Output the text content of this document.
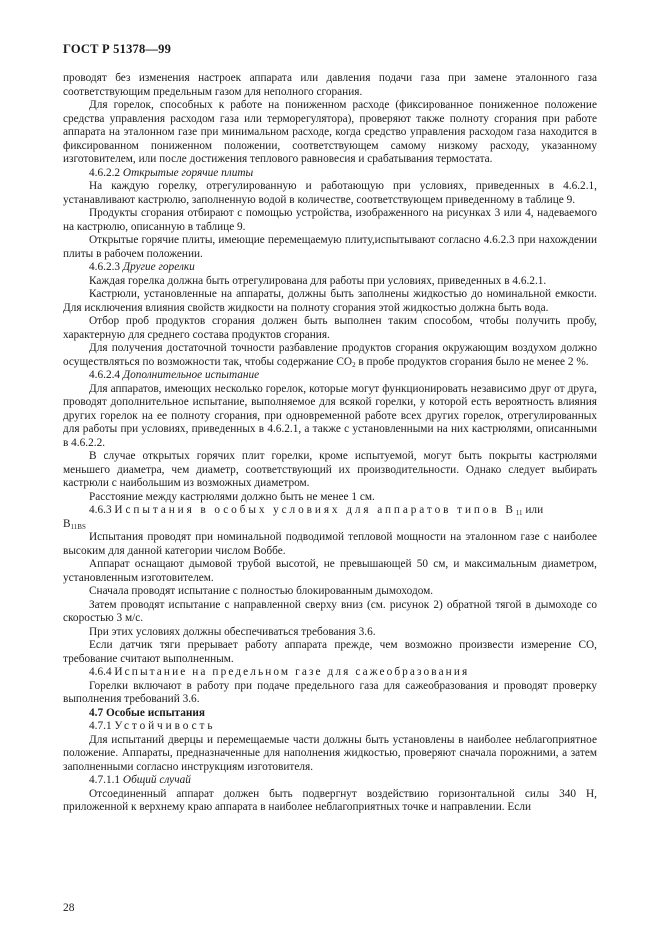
ГОСТ Р 51378—99

проводят без изменения настроек аппарата или давления подачи газа при замене эталонного газа соответствующим предельным газом для неполного сгорания.

Для горелок, способных к работе на пониженном расходе (фиксированное пониженное положение средства управления расходом газа или терморегулятора), проверяют также полноту сгорания при работе аппарата на эталонном газе при минимальном расходе, когда средство управления расходом газа находится в фиксированном пониженном положении, соответствующем самому низкому расходу, указанному изготовителем, или после достижения теплового равновесия и срабатывания термостата.

4.6.2.2 Открытые горячие плиты

На каждую горелку, отрегулированную и работающую при условиях, приведенных в 4.6.2.1, устанавливают кастрюлю, заполненную водой в количестве, соответствующем приведенному в таблице 9.

Продукты сгорания отбирают с помощью устройства, изображенного на рисунках 3 или 4, надеваемого на кастрюлю, описанную в таблице 9.

Открытые горячие плиты, имеющие перемещаемую плиту,испытывают согласно 4.6.2.3 при нахождении плиты в рабочем положении.

4.6.2.3 Другие горелки

Каждая горелка должна быть отрегулирована для работы при условиях, приведенных в 4.6.2.1.

Кастрюли, установленные на аппараты, должны быть заполнены жидкостью до номинальной емкости. Для исключения влияния свойств жидкости на полноту сгорания этой жидкостью должна быть вода.

Отбор проб продуктов сгорания должен быть выполнен таким способом, чтобы получить пробу, характерную для среднего состава продуктов сгорания.

Для получения достаточной точности разбавление продуктов сгорания окружающим воздухом должно осуществляться по возможности так, чтобы содержание $CO_2$ в пробе продуктов сгорания было не менее 2 %.

4.6.2.4 Дополнительное испытание

Для аппаратов, имеющих несколько горелок, которые могут функционировать независимо друг от друга, проводят дополнительное испытание, выполняемое для всякой горелки, у которой есть вероятность влияния других горелок на ее полноту сгорания, при одновременной работе всех других горелок, отрегулированных для работы при условиях, приведенных в 4.6.2.1, а также с установленными на них кастрюлями, описанными в 4.6.2.2.

В случае открытых горячих плит горелки, кроме испытуемой, могут быть покрыты кастрюлями меньшего диаметра, чем диаметр, соответствующий их производительности. Однако следует выбирать кастрюли с наибольшим из возможных диаметром.

Расстояние между кастрюлями должно быть не менее 1 см.

4.6.3 Испытания в особых условиях для аппаратов типов $B_{11}$ или

$B_{11BS}$

Испытания проводят при номинальной подводимой тепловой мощности на эталонном газе с наиболее высоким для данной категории числом Воббе.

Аппарат оснащают дымовой трубой высотой, не превышающей 50 см, и максимальным диаметром, установленным изготовителем.

Сначала проводят испытание с полностью блокированным дымоходом.

Затем проводят испытание с направленной сверху вниз (см. рисунок 2) обратной тягой в дымоходе со скоростью 3 м/с.

При этих условиях должны обеспечиваться требования 3.6.

Если датчик тяги прерывает работу аппарата прежде, чем возможно произвести измерение CO, требование считают выполненным.

4.6.4 Испытание на предельном газе для сажеобразования

Горелки включают в работу при подаче предельного газа для сажеобразования и проводят проверку выполнения требований 3.6.

4.7 Особые испытания

4.7.1 Устойчивость

Для испытаний дверцы и перемещаемые части должны быть установлены в наиболее неблагоприятное положение. Аппараты, предназначенные для наполнения жидкостью, проверяют сначала порожними, а затем заполненными согласно инструкциям изготовителя.

4.7.1.1 Общий случай

Отсоединенный аппарат должен быть подвергнут воздействию горизонтальной силы 340 Н, приложенной к верхнему краю аппарата в наиболее неблагоприятных точке и направлении. Если

28
